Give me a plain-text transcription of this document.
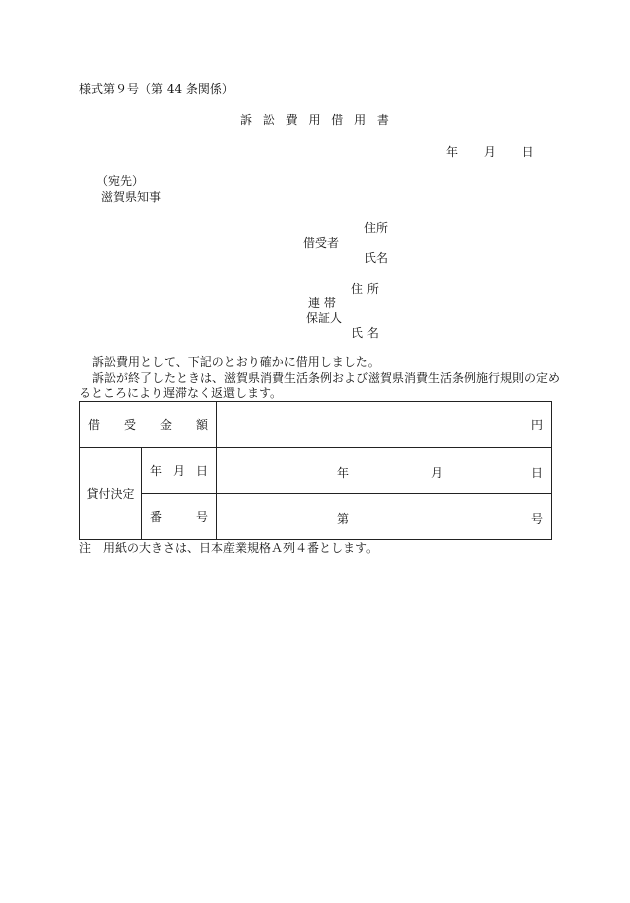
様式第９号（第 44 条関係）
訴 訟 費 用 借 用 書
年 月 日
（宛先）
滋賀県知事
住所
借受者
氏名
住 所
連 帯
保証人
氏 名
訴訟費用として、下記のとおり確かに借用しました。
訴訟が終了したときは、滋賀県消費生活条例および滋賀県消費生活条例施行規則の定め
るところにより遅滞なく返還します。
借 受 金 額		円
貸付決定	年 月 日	年 月 日

	番 号	第 号
注　用紙の大きさは、日本産業規格Ａ列４番とします。
